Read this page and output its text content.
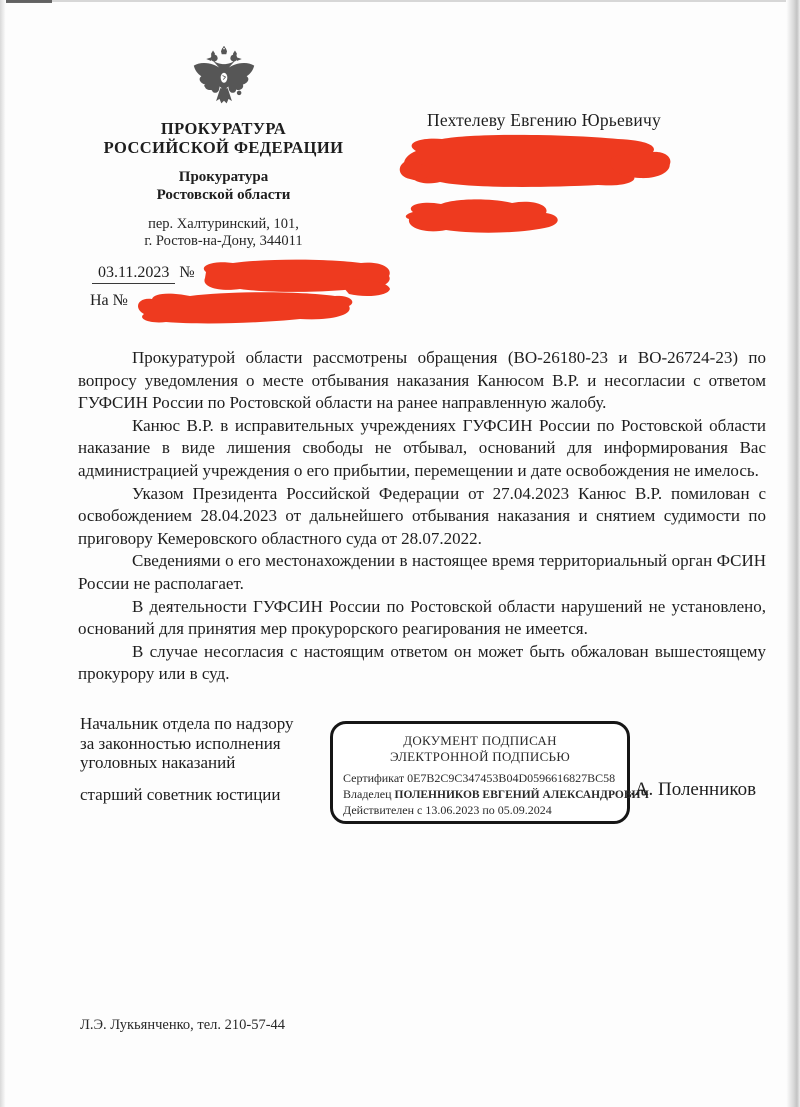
ПРОКУРАТУРА
РОССИЙСКОЙ ФЕДЕРАЦИИ
Прокуратура
Ростовской области
пер. Халтуринский, 101,
г. Ростов-на-Дону, 344011
Пехтелеву Евгению Юрьевичу
03.11.2023 №
На №

Прокуратурой области рассмотрены обращения (ВО-26180-23 и ВО-26724-23) по вопросу уведомления о месте отбывания наказания Канюсом В.Р. и несогласии с ответом ГУФСИН России по Ростовской области на ранее направленную жалобу.

Канюс В.Р. в исправительных учреждениях ГУФСИН России по Ростовской области наказание в виде лишения свободы не отбывал, оснований для информирования Вас администрацией учреждения о его прибытии, перемещении и дате освобождения не имелось.

Указом Президента Российской Федерации от 27.04.2023 Канюс В.Р. помилован с освобождением 28.04.2023 от дальнейшего отбывания наказания и снятием судимости по приговору Кемеровского областного суда от 28.07.2022.

Сведениями о его местонахождении в настоящее время территориальный орган ФСИН России не располагает.

В деятельности ГУФСИН России по Ростовской области нарушений не установлено, оснований для принятия мер прокурорского реагирования не имеется.

В случае несогласия с настоящим ответом он может быть обжалован вышестоящему прокурору или в суд.

Начальник отдела по надзору
за законностью исполнения
уголовных наказаний
старший советник юстиции
ДОКУМЕНТ ПОДПИСАН
ЭЛЕКТРОННОЙ ПОДПИСЬЮ
Сертификат 0E7B2C9C347453B04D0596616827BC58
Владелец ПОЛЕННИКОВ ЕВГЕНИЙ АЛЕКСАНДРОВИЧ
Действителен с 13.06.2023 по 05.09.2024
.А. Поленников
Л.Э. Лукьянченко, тел. 210-57-44
